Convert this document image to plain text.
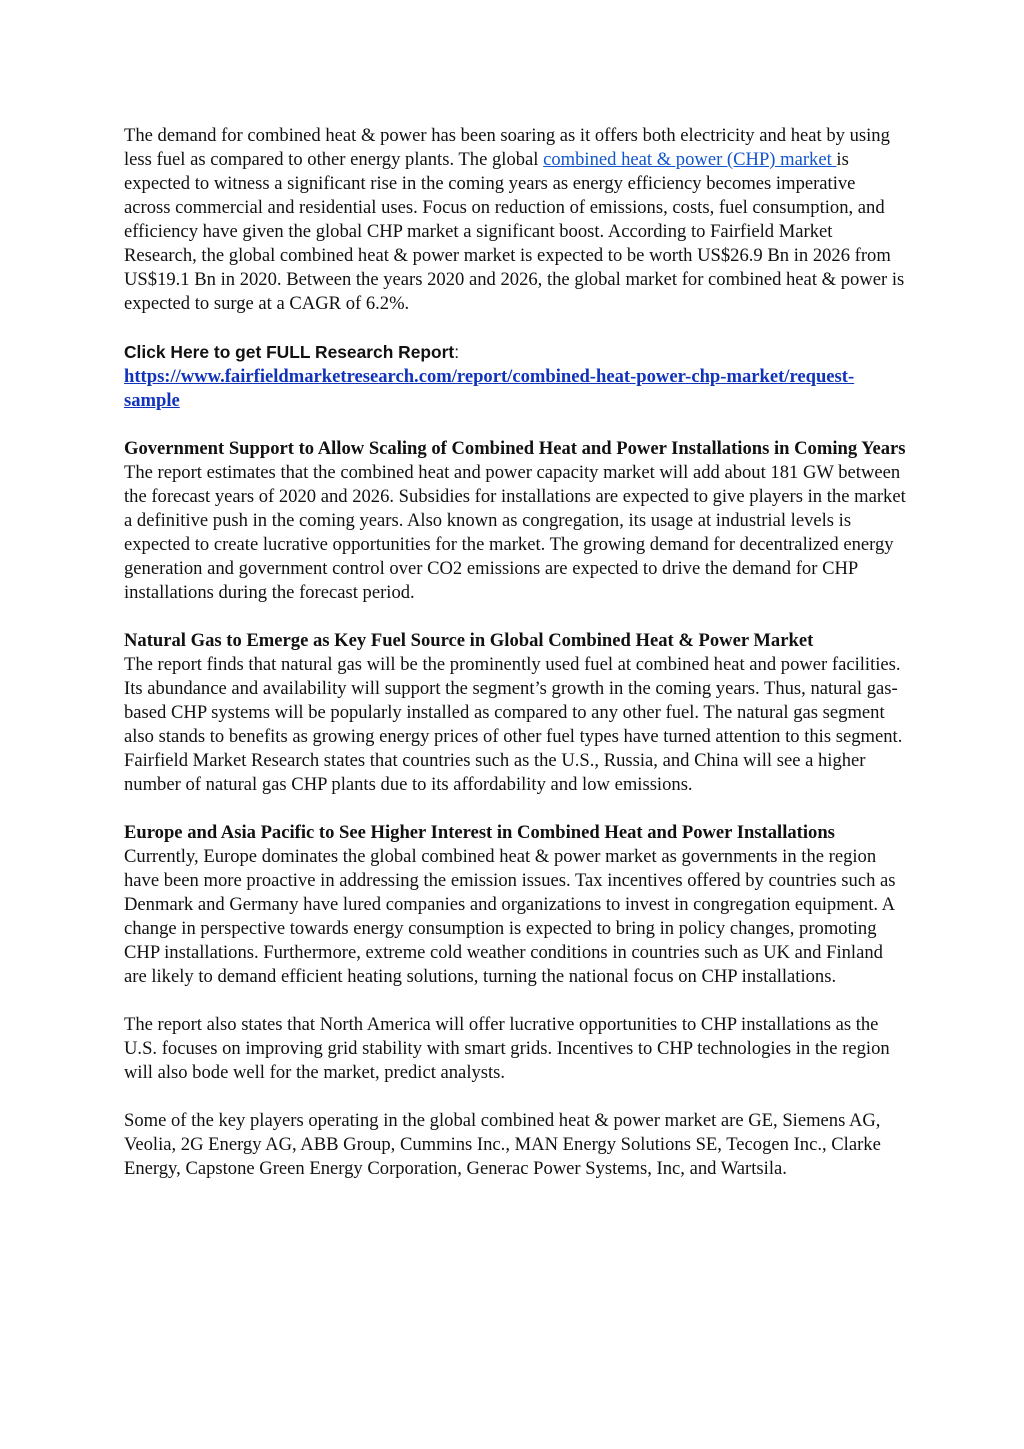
The demand for combined heat & power has been soaring as it offers both electricity and heat by using less fuel as compared to other energy plants. The global combined heat & power (CHP) market is expected to witness a significant rise in the coming years as energy efficiency becomes imperative across commercial and residential uses. Focus on reduction of emissions, costs, fuel consumption, and efficiency have given the global CHP market a significant boost. According to Fairfield Market Research, the global combined heat & power market is expected to be worth US$26.9 Bn in 2026 from US$19.1 Bn in 2020. Between the years 2020 and 2026, the global market for combined heat & power is expected to surge at a CAGR of 6.2%.

Click Here to get FULL Research Report:
https://www.fairfieldmarketresearch.com/report/combined-heat-power-chp-market/request-sample

Government Support to Allow Scaling of Combined Heat and Power Installations in Coming Years
The report estimates that the combined heat and power capacity market will add about 181 GW between the forecast years of 2020 and 2026. Subsidies for installations are expected to give players in the market a definitive push in the coming years. Also known as congregation, its usage at industrial levels is expected to create lucrative opportunities for the market. The growing demand for decentralized energy generation and government control over CO2 emissions are expected to drive the demand for CHP installations during the forecast period.

Natural Gas to Emerge as Key Fuel Source in Global Combined Heat & Power Market
The report finds that natural gas will be the prominently used fuel at combined heat and power facilities. Its abundance and availability will support the segment’s growth in the coming years. Thus, natural gas-based CHP systems will be popularly installed as compared to any other fuel. The natural gas segment also stands to benefits as growing energy prices of other fuel types have turned attention to this segment. Fairfield Market Research states that countries such as the U.S., Russia, and China will see a higher number of natural gas CHP plants due to its affordability and low emissions.

Europe and Asia Pacific to See Higher Interest in Combined Heat and Power Installations
Currently, Europe dominates the global combined heat & power market as governments in the region have been more proactive in addressing the emission issues. Tax incentives offered by countries such as Denmark and Germany have lured companies and organizations to invest in congregation equipment. A change in perspective towards energy consumption is expected to bring in policy changes, promoting CHP installations. Furthermore, extreme cold weather conditions in countries such as UK and Finland are likely to demand efficient heating solutions, turning the national focus on CHP installations.

The report also states that North America will offer lucrative opportunities to CHP installations as the U.S. focuses on improving grid stability with smart grids. Incentives to CHP technologies in the region will also bode well for the market, predict analysts.

Some of the key players operating in the global combined heat & power market are GE, Siemens AG, Veolia, 2G Energy AG, ABB Group, Cummins Inc., MAN Energy Solutions SE, Tecogen Inc., Clarke Energy, Capstone Green Energy Corporation, Generac Power Systems, Inc, and Wartsila.
